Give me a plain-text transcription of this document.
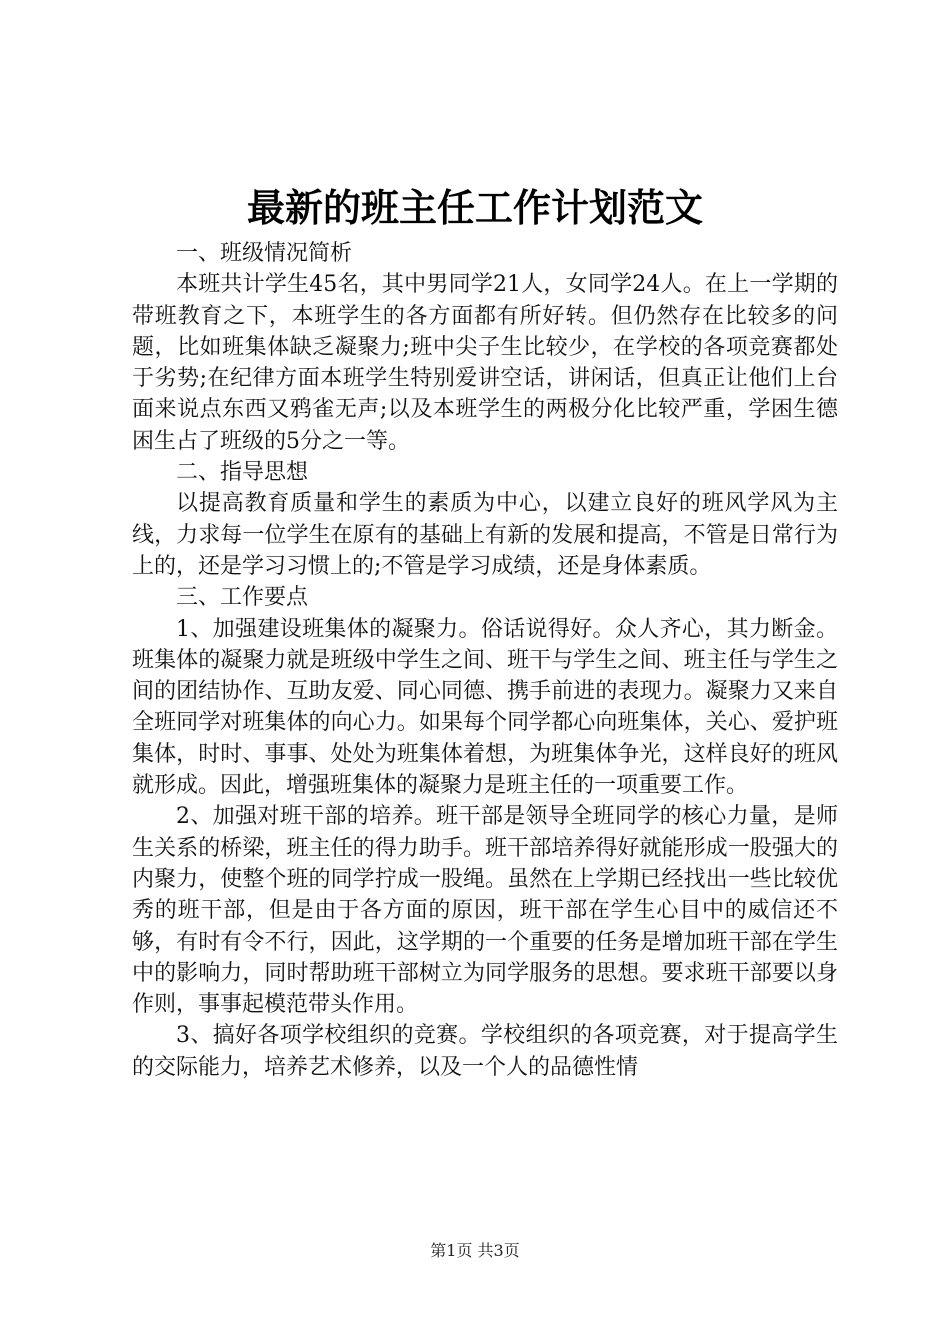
最新的班主任工作计划范文

一、班级情况简析

本班共计学生45名，其中男同学21人，女同学24人。在上一学期的带班教育之下，本班学生的各方面都有所好转。但仍然存在比较多的问题，比如班集体缺乏凝聚力;班中尖子生比较少，在学校的各项竞赛都处于劣势;在纪律方面本班学生特别爱讲空话，讲闲话，但真正让他们上台面来说点东西又鸦雀无声;以及本班学生的两极分化比较严重，学困生德困生占了班级的5分之一等。

二、指导思想

以提高教育质量和学生的素质为中心，以建立良好的班风学风为主线，力求每一位学生在原有的基础上有新的发展和提高，不管是日常行为上的，还是学习习惯上的;不管是学习成绩，还是身体素质。

三、工作要点

1、加强建设班集体的凝聚力。俗话说得好。众人齐心，其力断金。班集体的凝聚力就是班级中学生之间、班干与学生之间、班主任与学生之间的团结协作、互助友爱、同心同德、携手前进的表现力。凝聚力又来自全班同学对班集体的向心力。如果每个同学都心向班集体，关心、爱护班集体，时时、事事、处处为班集体着想，为班集体争光，这样良好的班风就形成。因此，增强班集体的凝聚力是班主任的一项重要工作。

2、加强对班干部的培养。班干部是领导全班同学的核心力量，是师生关系的桥梁，班主任的得力助手。班干部培养得好就能形成一股强大的内聚力，使整个班的同学拧成一股绳。虽然在上学期已经找出一些比较优秀的班干部，但是由于各方面的原因，班干部在学生心目中的威信还不够，有时有令不行，因此，这学期的一个重要的任务是增加班干部在学生中的影响力，同时帮助班干部树立为同学服务的思想。要求班干部要以身作则，事事起模范带头作用。

3、搞好各项学校组织的竞赛。学校组织的各项竞赛，对于提高学生的交际能力，培养艺术修养，以及一个人的品德性情

第1页 共3页
